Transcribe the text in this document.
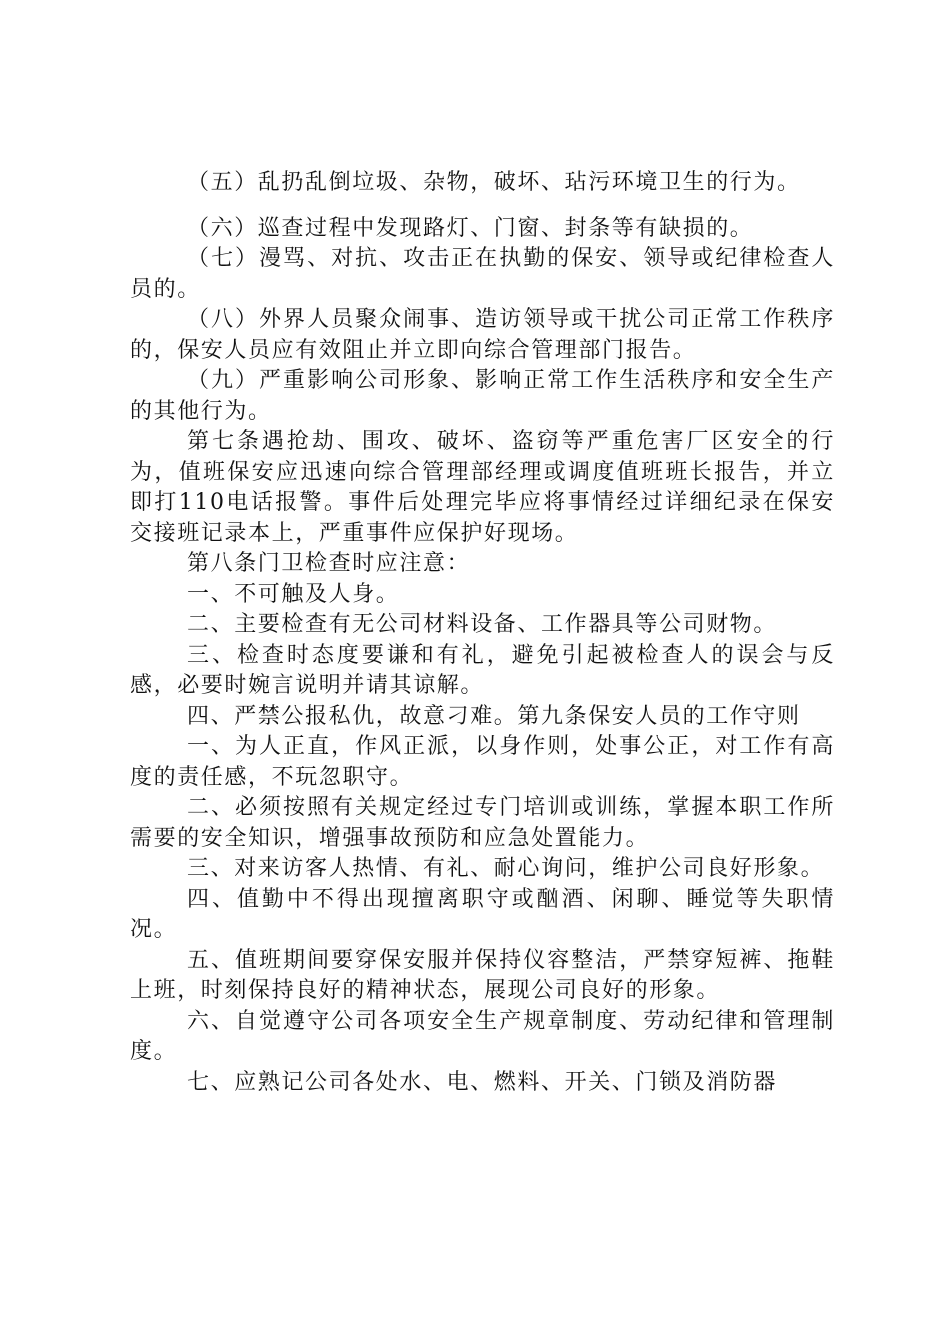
（五）乱扔乱倒垃圾、杂物，破坏、玷污环境卫生的行为。

（六）巡查过程中发现路灯、门窗、封条等有缺损的。

（七）漫骂、对抗、攻击正在执勤的保安、领导或纪律检查人员的。

（八）外界人员聚众闹事、造访领导或干扰公司正常工作秩序的，保安人员应有效阻止并立即向综合管理部门报告。

（九）严重影响公司形象、影响正常工作生活秩序和安全生产的其他行为。

第七条遇抢劫、围攻、破坏、盗窃等严重危害厂区安全的行为，值班保安应迅速向综合管理部经理或调度值班班长报告，并立即打110电话报警。事件后处理完毕应将事情经过详细纪录在保安交接班记录本上，严重事件应保护好现场。

第八条门卫检查时应注意：

一、不可触及人身。

二、主要检查有无公司材料设备、工作器具等公司财物。

三、检查时态度要谦和有礼，避免引起被检查人的误会与反感，必要时婉言说明并请其谅解。

四、严禁公报私仇，故意刁难。第九条保安人员的工作守则

一、为人正直，作风正派，以身作则，处事公正，对工作有高度的责任感，不玩忽职守。

二、必须按照有关规定经过专门培训或训练，掌握本职工作所需要的安全知识，增强事故预防和应急处置能力。

三、对来访客人热情、有礼、耐心询问，维护公司良好形象。

四、值勤中不得出现擅离职守或酗酒、闲聊、睡觉等失职情况。

五、值班期间要穿保安服并保持仪容整洁，严禁穿短裤、拖鞋上班，时刻保持良好的精神状态，展现公司良好的形象。

六、自觉遵守公司各项安全生产规章制度、劳动纪律和管理制度。

七、应熟记公司各处水、电、燃料、开关、门锁及消防器
